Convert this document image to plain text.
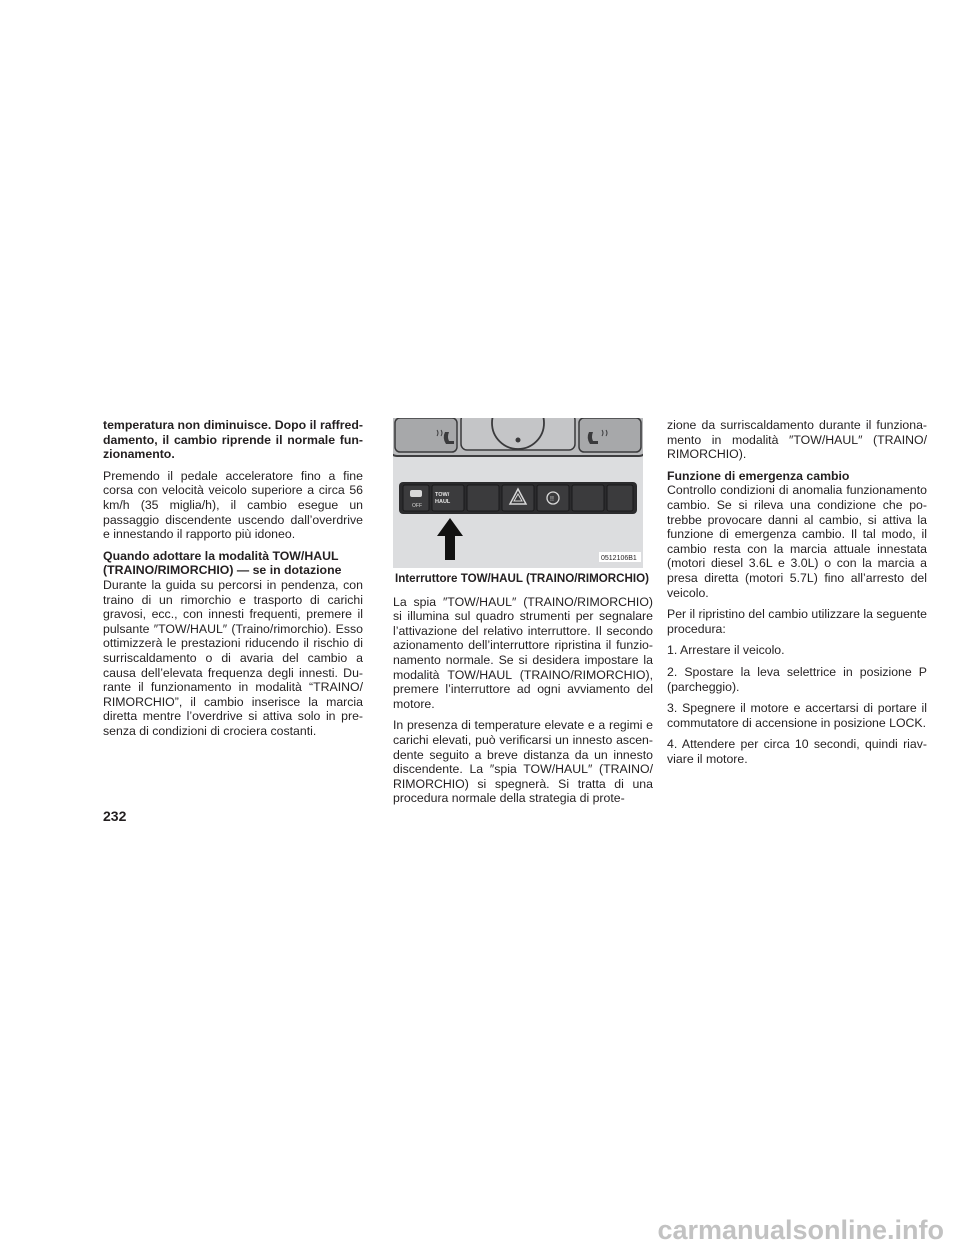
temperatura non diminuisce. Dopo il raffred-damento, il cambio riprende il normale fun-zionamento.

Premendo il pedale acceleratore fino a fine corsa con velocità veicolo superiore a circa 56 km/h (35 miglia/h), il cambio esegue un passaggio discendente uscendo dall’overdrive e innestando il rapporto più idoneo.

Quando adottare la modalità TOW/HAUL
(TRAINO/RIMORCHIO) — se in dotazione

Durante la guida su percorsi in pendenza, con traino di un rimorchio e trasporto di carichi gravosi, ecc., con innesti frequenti, premere il pulsante ″TOW/HAUL″ (Traino/rimorchio). Esso ottimizzerà le prestazioni riducendo il rischio di surriscaldamento o di avaria del cambio a causa dell’elevata frequenza degli innesti. Du-rante il funzionamento in modalità “TRAINO/ RIMORCHIO”, il cambio inserisce la marcia diretta mentre l’overdrive si attiva solo in pre-senza di condizioni di crociera costanti.

OFF
TOW/
HAUL	!!
0512106B1
Interruttore TOW/HAUL (TRAINO/RIMORCHIO)

La spia ″TOW/HAUL″ (TRAINO/RIMORCHIO) si illumina sul quadro strumenti per segnalare l’attivazione del relativo interruttore. Il secondo azionamento dell’interruttore ripristina il funzio-namento normale. Se si desidera impostare la modalità TOW/HAUL (TRAINO/RIMORCHIO), premere l’interruttore ad ogni avviamento del motore.

In presenza di temperature elevate e a regimi e carichi elevati, può verificarsi un innesto ascen-dente seguito a breve distanza da un innesto discendente. La ″spia TOW/HAUL″ (TRAINO/ RIMORCHIO) si spegnerà. Si tratta di una procedura normale della strategia di prote-

zione da surriscaldamento durante il funziona-mento in modalità ″TOW/HAUL″ (TRAINO/ RIMORCHIO).

Funzione di emergenza cambio

Controllo condizioni di anomalia funzionamento cambio. Se si rileva una condizione che po-trebbe provocare danni al cambio, si attiva la funzione di emergenza cambio. Il tal modo, il cambio resta con la marcia attuale innestata (motori diesel 3.6L e 3.0L) o con la marcia a presa diretta (motori 5.7L) fino all’arresto del veicolo.

Per il ripristino del cambio utilizzare la seguente procedura:

1. Arrestare il veicolo.

2. Spostare la leva selettrice in posizione P (parcheggio).

3. Spegnere il motore e accertarsi di portare il commutatore di accensione in posizione LOCK.

4. Attendere per circa 10 secondi, quindi riav-viare il motore.

232
carmanualsonline.info
